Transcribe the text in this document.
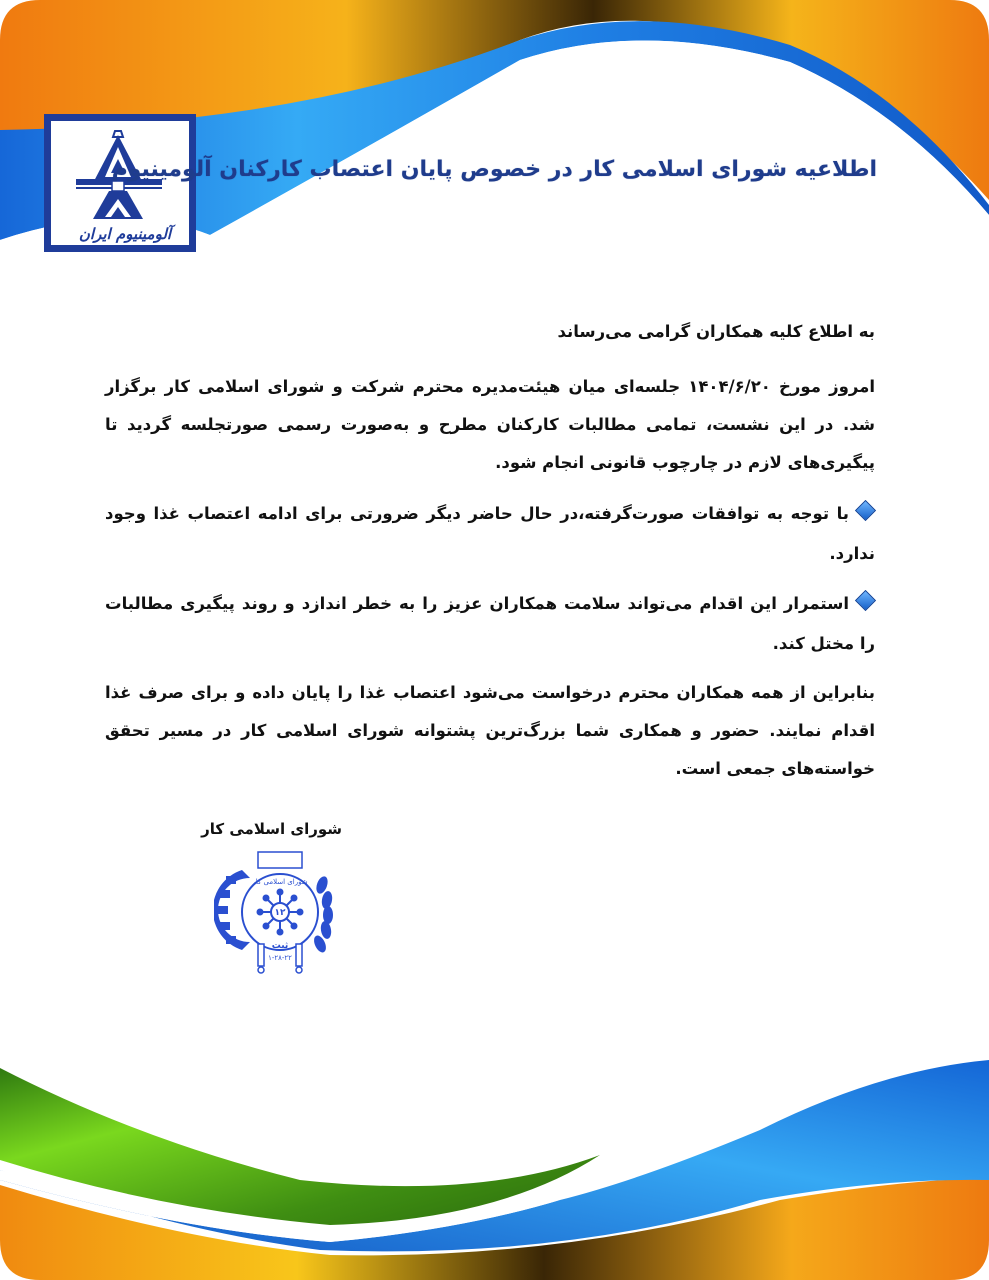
آلومینیوم ایران
اطلاعیه شورای اسلامی کار در خصوص پایان اعتصاب کارکنان آلومینیوم

به اطلاع کلیه همکاران گرامی می‌رساند

امروز مورخ ۱۴۰۴/۶/۲۰ جلسه‌ای میان هیئت‌مدیره محترم شرکت و شورای اسلامی کار برگزار شد. در این نشست، تمامی مطالبات کارکنان مطرح و به‌صورت رسمی صورتجلسه گردید تا پیگیری‌های لازم در چارچوب قانونی انجام شود.

با توجه به توافقات صورت‌گرفته،در حال حاضر دیگر ضرورتی برای ادامه اعتصاب غذا وجود ندارد.

استمرار این اقدام می‌تواند سلامت همکاران عزیز را به خطر اندازد و روند پیگیری مطالبات را مختل کند.

بنابراین از همه همکاران محترم درخواست می‌شود اعتصاب غذا را پایان داده و برای صرف غذا اقدام نمایند. حضور و همکاری شما بزرگ‌ترین پشتوانه شورای اسلامی کار در مسیر تحقق خواسته‌های جمعی است.

شورای اسلامی کار
شورای اسلامی کار
۱۲
ثبت
۱-۲۸-۲۲
